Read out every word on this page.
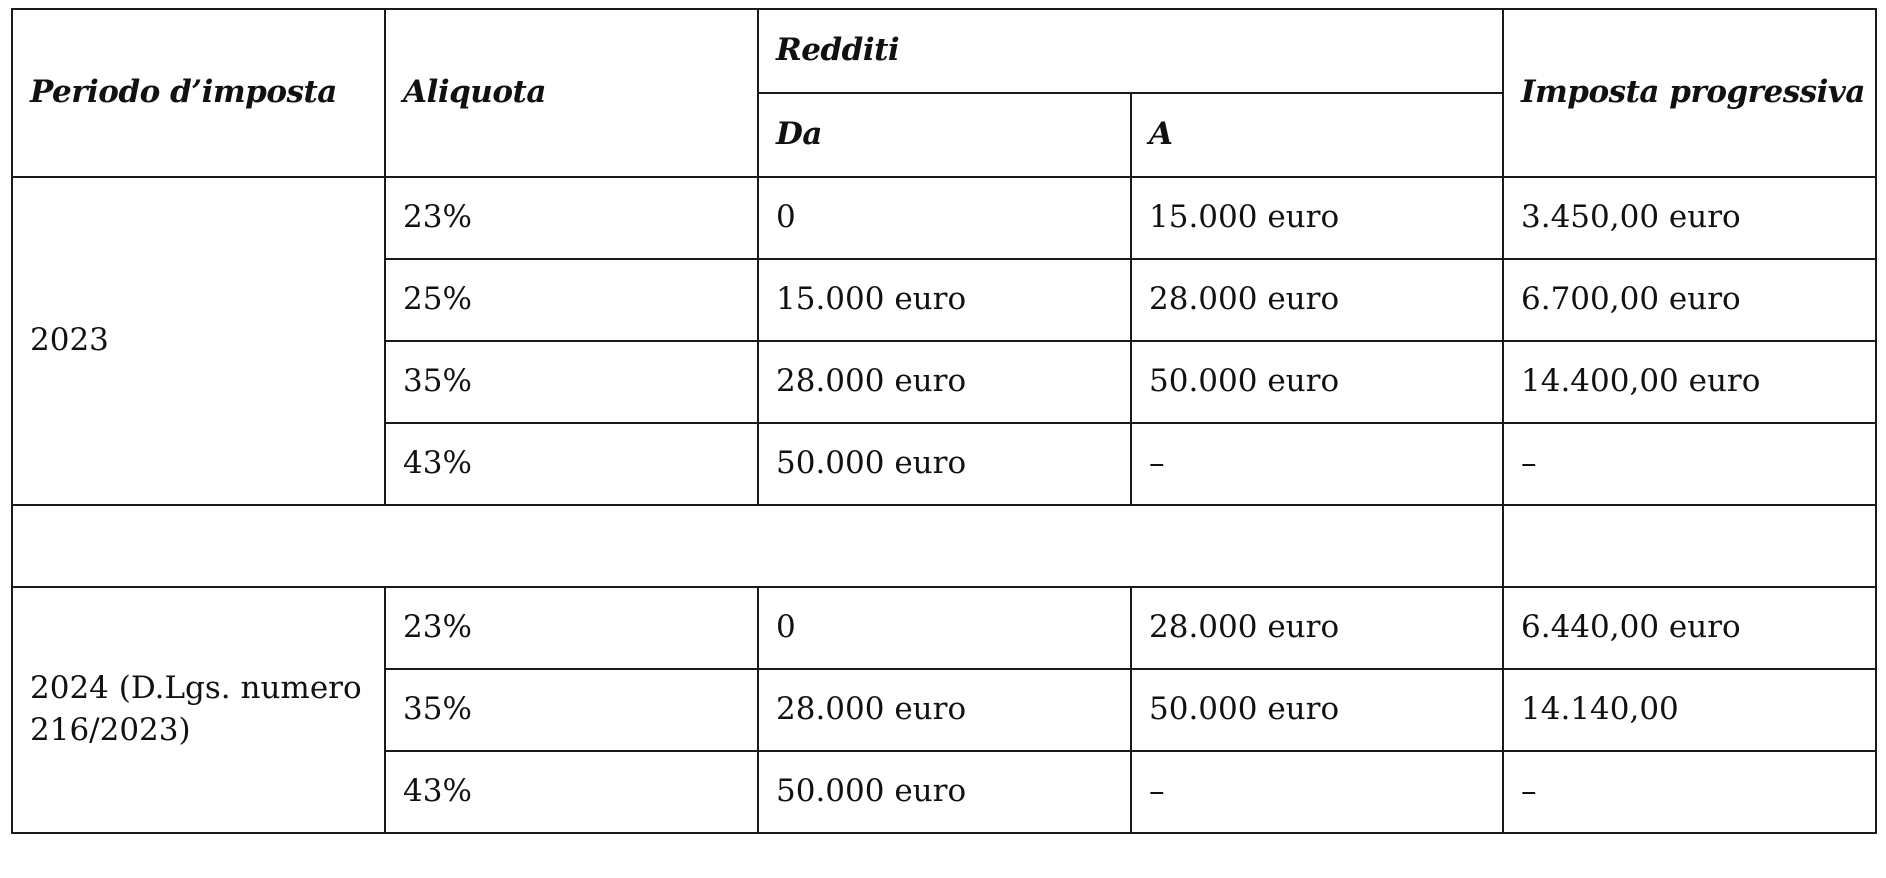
Periodo d’imposta	Aliquota	Redditi		Imposta progressiva
		Da	A	
2023	23%	0	15.000 euro	3.450,00 euro
	25%	15.000 euro	28.000 euro	6.700,00 euro
	35%	28.000 euro	50.000 euro	14.400,00 euro
	43%	50.000 euro	–	–

2024 (D.Lgs. numero 216/2023)	23%	0	28.000 euro	6.440,00 euro
	35%	28.000 euro	50.000 euro	14.140,00
	43%	50.000 euro	–	–
